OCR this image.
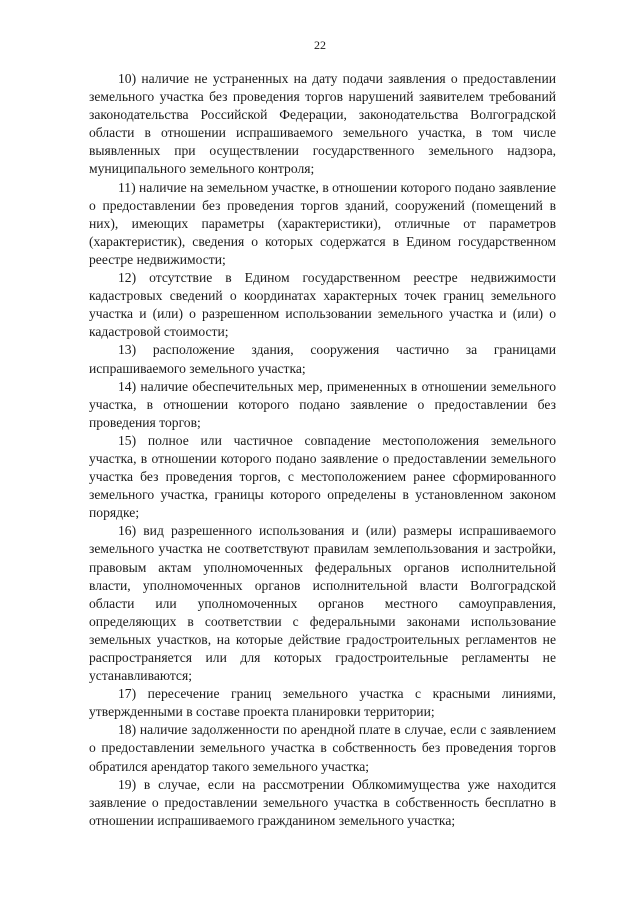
22

10) наличие не устраненных на дату подачи заявления о предоставлении земельного участка без проведения торгов нарушений заявителем требований законодательства Российской Федерации, законодательства Волгоградской области в отношении испрашиваемого земельного участка, в том числе выявленных при осуществлении государственного земельного надзора, муниципального земельного контроля;

11) наличие на земельном участке, в отношении которого подано заявление о предоставлении без проведения торгов зданий, сооружений (помещений в них), имеющих параметры (характеристики), отличные от параметров (характеристик), сведения о которых содержатся в Едином государственном реестре недвижимости;

12) отсутствие в Едином государственном реестре недвижимости кадастровых сведений о координатах характерных точек границ земельного участка и (или) о разрешенном использовании земельного участка и (или) о кадастровой стоимости;

13) расположение здания, сооружения частично за границами испрашиваемого земельного участка;

14) наличие обеспечительных мер, примененных в отношении земельного участка, в отношении которого подано заявление о предоставлении без проведения торгов;

15) полное или частичное совпадение местоположения земельного участка, в отношении которого подано заявление о предоставлении земельного участка без проведения торгов, с местоположением ранее сформированного земельного участка, границы которого определены в установленном законом порядке;

16) вид разрешенного использования и (или) размеры испрашиваемого земельного участка не соответствуют правилам землепользования и застройки, правовым актам уполномоченных федеральных органов исполнительной власти, уполномоченных органов исполнительной власти Волгоградской области или уполномоченных органов местного самоуправления, определяющих в соответствии с федеральными законами использование земельных участков, на которые действие градостроительных регламентов не распространяется или для которых градостроительные регламенты не устанавливаются;

17) пересечение границ земельного участка с красными линиями, утвержденными в составе проекта планировки территории;

18) наличие задолженности по арендной плате в случае, если с заявлением о предоставлении земельного участка в собственность без проведения торгов обратился арендатор такого земельного участка;

19) в случае, если на рассмотрении Облкомимущества уже находится заявление о предоставлении земельного участка в собственность бесплатно в отношении испрашиваемого гражданином земельного участка;
